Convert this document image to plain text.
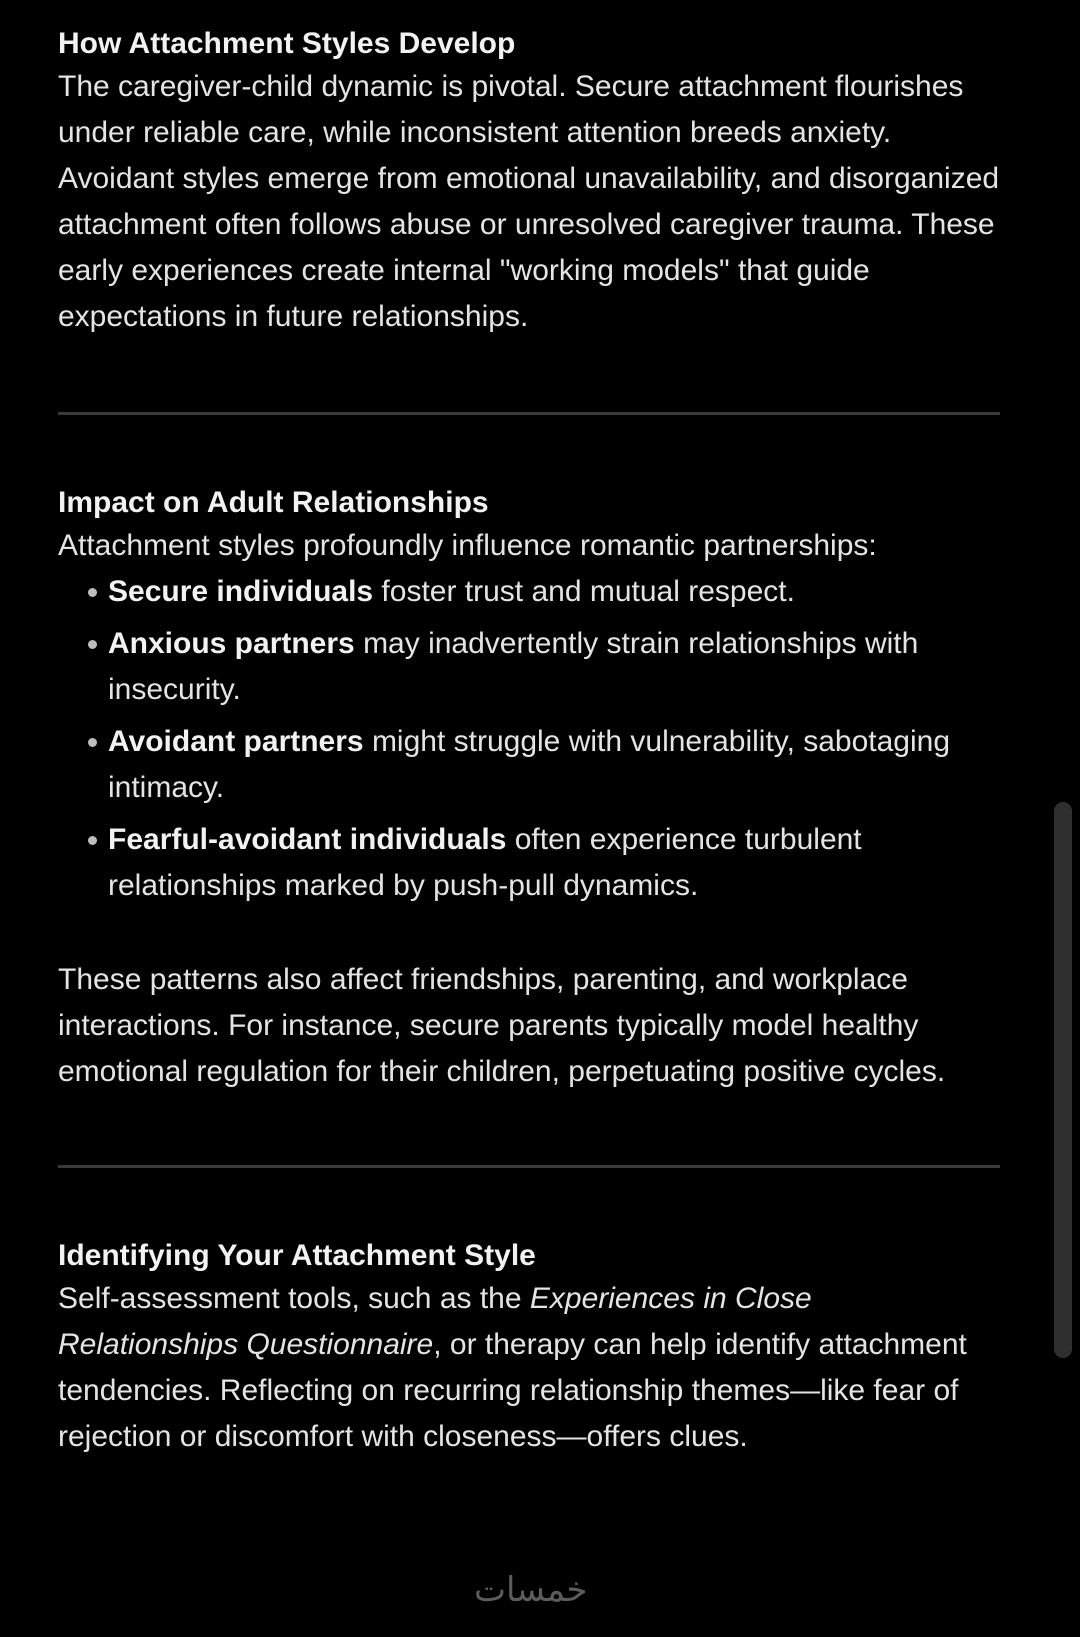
How Attachment Styles Develop

The caregiver-child dynamic is pivotal. Secure attachment flourishes under reliable care, while inconsistent attention breeds anxiety. Avoidant styles emerge from emotional unavailability, and disorganized attachment often follows abuse or unresolved caregiver trauma. These early experiences create internal "working models" that guide expectations in future relationships.

Impact on Adult Relationships

Attachment styles profoundly influence romantic partnerships:

Secure individuals foster trust and mutual respect.
Anxious partners may inadvertently strain relationships with insecurity.
Avoidant partners might struggle with vulnerability, sabotaging intimacy.
Fearful-avoidant individuals often experience turbulent relationships marked by push-pull dynamics.

These patterns also affect friendships, parenting, and workplace interactions. For instance, secure parents typically model healthy emotional regulation for their children, perpetuating positive cycles.

Identifying Your Attachment Style

Self-assessment tools, such as the Experiences in Close Relationships Questionnaire, or therapy can help identify attachment tendencies. Reflecting on recurring relationship themes—like fear of rejection or discomfort with closeness—offers clues.

خمسات
